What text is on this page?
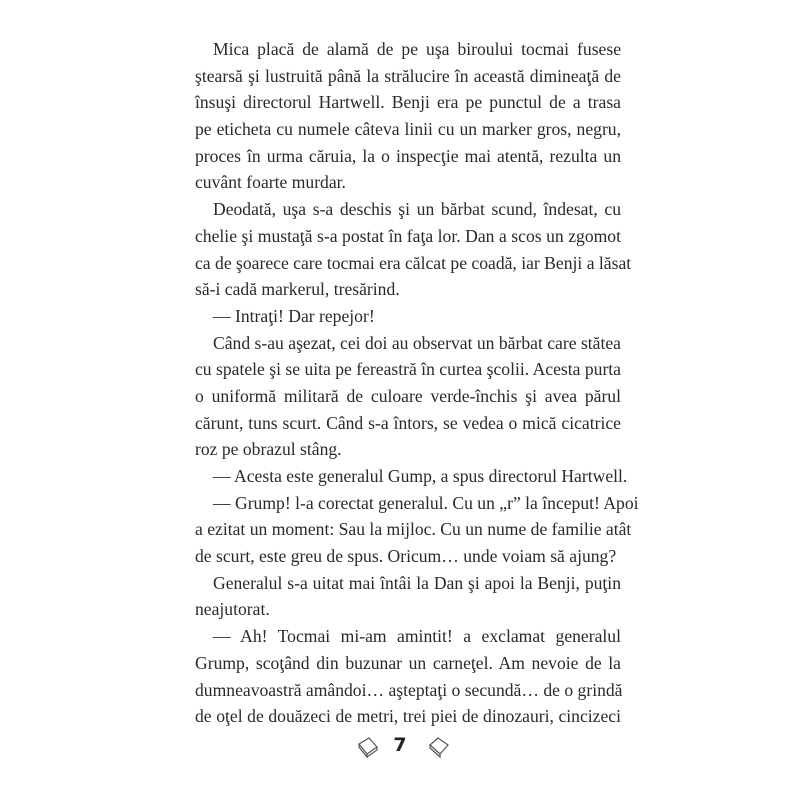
Mica placă de alamă de pe uşa biroului tocmai fusese
ştearsă şi lustruită până la strălucire în această dimineaţă de
însuşi directorul Hartwell. Benji era pe punctul de a trasa
pe eticheta cu numele câteva linii cu un marker gros, negru,
proces în urma căruia, la o inspecţie mai atentă, rezulta un
cuvânt foarte murdar.
Deodată, uşa s-a deschis şi un bărbat scund, îndesat, cu
chelie şi mustaţă s-a postat în faţa lor. Dan a scos un zgomot
ca de şoarece care tocmai era călcat pe coadă, iar Benji a lăsat
să-i cadă markerul, tresărind.
— Intraţi! Dar repejor!
Când s-au aşezat, cei doi au observat un bărbat care stătea
cu spatele şi se uita pe fereastră în curtea şcolii. Acesta purta
o uniformă militară de culoare verde-închis şi avea părul
cărunt, tuns scurt. Când s-a întors, se vedea o mică cicatrice
roz pe obrazul stâng.
— Acesta este generalul Gump, a spus directorul Hartwell.
— Grump! l-a corectat generalul. Cu un „r” la început! Apoi
a ezitat un moment: Sau la mijloc. Cu un nume de familie atât
de scurt, este greu de spus. Oricum… unde voiam să ajung?
Generalul s-a uitat mai întâi la Dan şi apoi la Benji, puţin
neajutorat.
— Ah! Tocmai mi-am amintit! a exclamat generalul
Grump, scoţând din buzunar un carneţel. Am nevoie de la
dumneavoastră amândoi… aşteptaţi o secundă… de o grindă
de oţel de douăzeci de metri, trei piei de dinozauri, cincizeci
7
